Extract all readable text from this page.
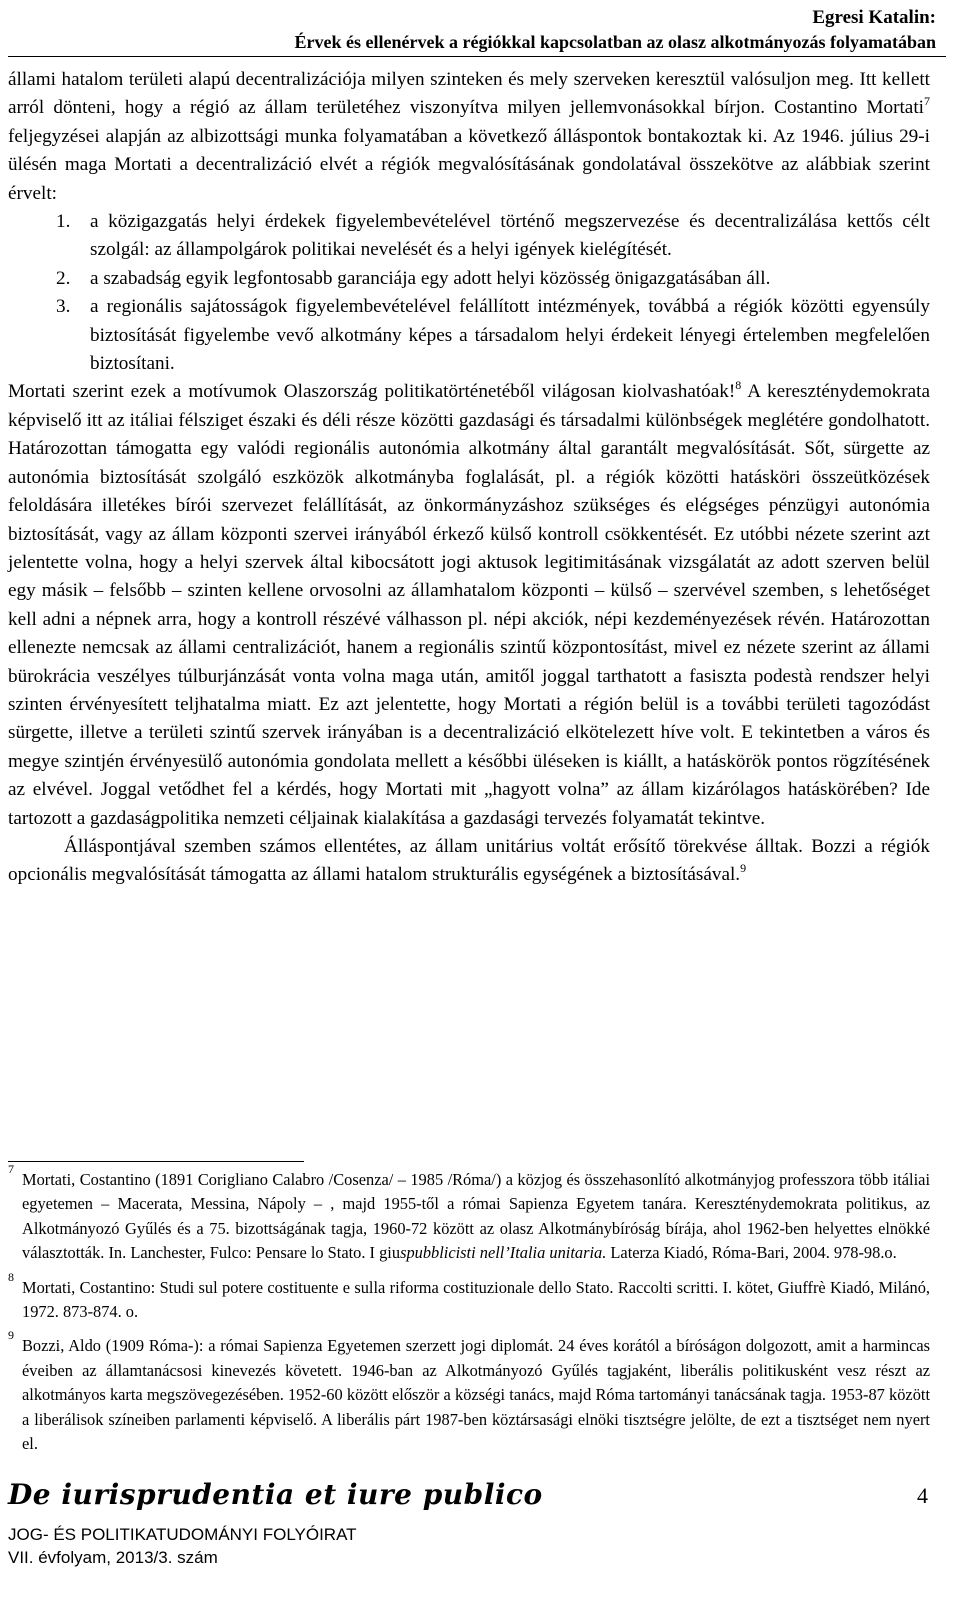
Egresi Katalin:
Érvek és ellenérvek a régiókkal kapcsolatban az olasz alkotmányozás folyamatában

állami hatalom területi alapú decentralizációja milyen szinteken és mely szerveken keresztül valósuljon meg. Itt kellett arról dönteni, hogy a régió az állam területéhez viszonyítva milyen jellemvonásokkal bírjon. Costantino Mortati$^7$ feljegyzései alapján az albizottsági munka folyamatában a következő álláspontok bontakoztak ki. Az 1946. július 29-i ülésén maga Mortati a decentralizáció elvét a régiók megvalósításának gondolatával összekötve az alábbiak szerint érvelt:

1. a közigazgatás helyi érdekek figyelembevételével történő megszervezése és decentralizálása kettős célt szolgál: az állampolgárok politikai nevelését és a helyi igények kielégítését.
2. a szabadság egyik legfontosabb garanciája egy adott helyi közösség önigazgatásában áll.
3. a regionális sajátosságok figyelembevételével felállított intézmények, továbbá a régiók közötti egyensúly biztosítását figyelembe vevő alkotmány képes a társadalom helyi érdekeit lényegi értelemben megfelelően biztosítani.

Mortati szerint ezek a motívumok Olaszország politikatörténetéből világosan kiolvashatóak!$^8$ A kereszténydemokrata képviselő itt az itáliai félsziget északi és déli része közötti gazdasági és társadalmi különbségek meglétére gondolhatott. Határozottan támogatta egy valódi regionális autonómia alkotmány által garantált megvalósítását. Sőt, sürgette az autonómia biztosítását szolgáló eszközök alkotmányba foglalását, pl. a régiók közötti hatásköri összeütközések feloldására illetékes bírói szervezet felállítását, az önkormányzáshoz szükséges és elégséges pénzügyi autonómia biztosítását, vagy az állam központi szervei irányából érkező külső kontroll csökkentését. Ez utóbbi nézete szerint azt jelentette volna, hogy a helyi szervek által kibocsátott jogi aktusok legitimitásának vizsgálatát az adott szerven belül egy másik – felsőbb – szinten kellene orvosolni az államhatalom központi – külső – szervével szemben, s lehetőséget kell adni a népnek arra, hogy a kontroll részévé válhasson pl. népi akciók, népi kezdeményezések révén. Határozottan ellenezte nemcsak az állami centralizációt, hanem a regionális szintű központosítást, mivel ez nézete szerint az állami bürokrácia veszélyes túlburjánzását vonta volna maga után, amitől joggal tarthatott a fasiszta podestà rendszer helyi szinten érvényesített teljhatalma miatt. Ez azt jelentette, hogy Mortati a régión belül is a további területi tagozódást sürgette, illetve a területi szintű szervek irányában is a decentralizáció elkötelezett híve volt. E tekintetben a város és megye szintjén érvényesülő autonómia gondolata mellett a későbbi üléseken is kiállt, a hatáskörök pontos rögzítésének az elvével. Joggal vetődhet fel a kérdés, hogy Mortati mit „hagyott volna” az állam kizárólagos hatáskörében? Ide tartozott a gazdaságpolitika nemzeti céljainak kialakítása a gazdasági tervezés folyamatát tekintve.

Álláspontjával szemben számos ellentétes, az állam unitárius voltát erősítő törekvése álltak. Bozzi a régiók opcionális megvalósítását támogatta az állami hatalom strukturális egységének a biztosításával.$^9$

7
Mortati, Costantino (1891 Corigliano Calabro /Cosenza/ – 1985 /Róma/) a közjog és összehasonlító alkotmányjog professzora több itáliai egyetemen – Macerata, Messina, Nápoly – , majd 1955-től a római Sapienza Egyetem tanára. Kereszténydemokrata politikus, az Alkotmányozó Gyűlés és a 75. bizottságának tagja, 1960-72 között az olasz Alkotmánybíróság bírája, ahol 1962-ben helyettes elnökké választották. In. Lanchester, Fulco: Pensare lo Stato. I giuspubblicisti nell’Italia unitaria. Laterza Kiadó, Róma-Bari, 2004. 978-98.o.

8
Mortati, Costantino: Studi sul potere costituente e sulla riforma costituzionale dello Stato. Raccolti scritti. I. kötet, Giuffrè Kiadó, Milánó, 1972. 873-874. o.

9
Bozzi, Aldo (1909 Róma-): a római Sapienza Egyetemen szerzett jogi diplomát. 24 éves korától a bíróságon dolgozott, amit a harmincas éveiben az államtanácsosi kinevezés követett. 1946-ban az Alkotmányozó Gyűlés tagjaként, liberális politikusként vesz részt az alkotmányos karta megszövegezésében. 1952-60 között először a községi tanács, majd Róma tartományi tanácsának tagja. 1953-87 között a liberálisok színeiben parlamenti képviselő. A liberális párt 1987-ben köztársasági elnöki tisztségre jelölte, de ezt a tisztséget nem nyert el.

De iurisprudentia et iure publico
JOG- ÉS POLITIKATUDOMÁNYI FOLYÓIRAT
VII. évfolyam, 2013/3. szám
4
